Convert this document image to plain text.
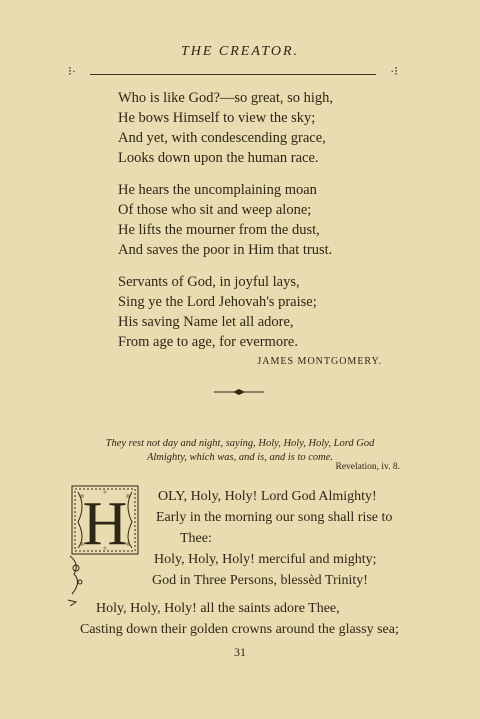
THE CREATOR.
⁝·	·⁝
Who is like God?—so great, so high,
He bows Himself to view the sky;
And yet, with condescending grace,
Looks down upon the human race.
He hears the uncomplaining moan
Of those who sit and weep alone;
He lifts the mourner from the dust,
And saves the poor in Him that trust.
Servants of God, in joyful lays,
Sing ye the Lord Jehovah's praise;
His saving Name let all adore,
From age to age, for evermore.
JAMES MONTGOMERY.
They rest not day and night, saying, Holy, Holy, Holy, Lord God
Almighty, which was, and is, and is to come.
Revelation, iv. 8.
H OLY, Holy, Holy! Lord God Almighty!
Early in the morning our song shall rise to
Thee:
Holy, Holy, Holy! merciful and mighty;
God in Three Persons, blessèd Trinity!
Holy, Holy, Holy! all the saints adore Thee,
Casting down their golden crowns around the glassy sea;
31
